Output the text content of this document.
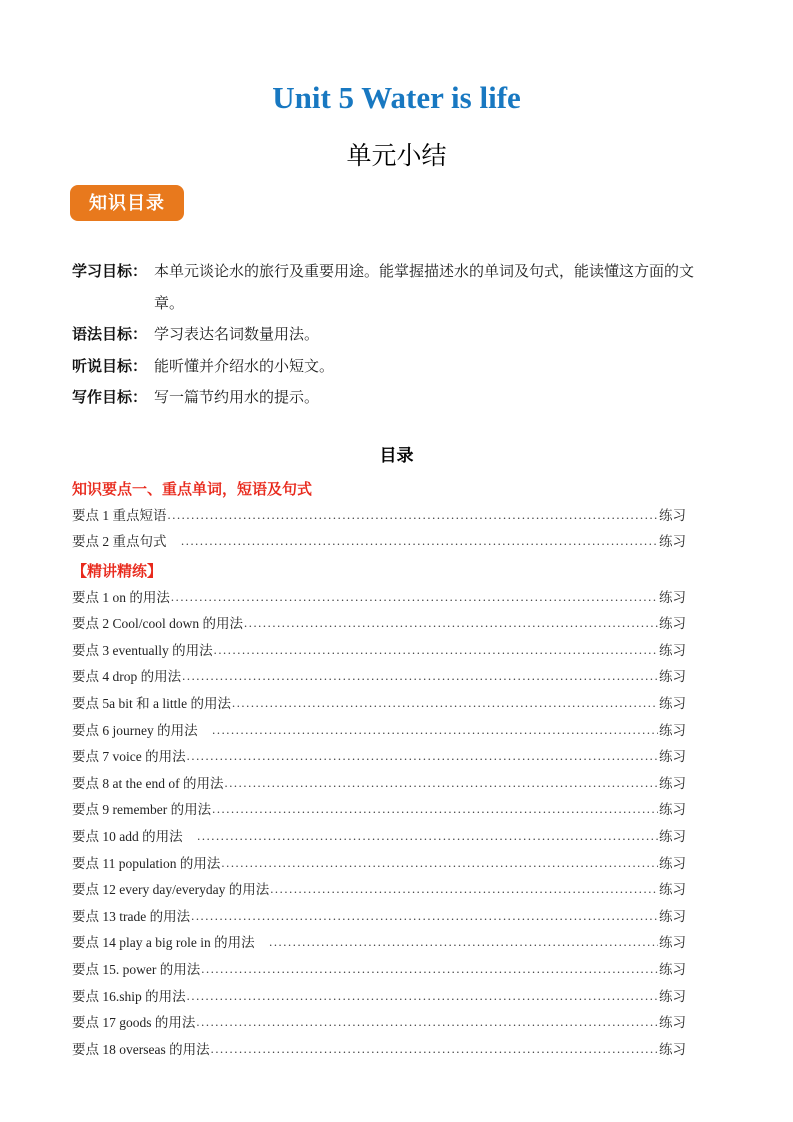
Unit 5 Water is life
单元小结
知识目录

学习目标： 本单元谈论水的旅行及重要用途。能掌握描述水的单词及句式，能读懂这方面的文章。

语法目标： 学习表达名词数量用法。

听说目标： 能听懂并介绍水的小短文。

写作目标： 写一篇节约用水的提示。

目录
知识要点一、重点单词，短语及句式
要点 1 重点短语 .....	练习
要点 2 重点句式　 .....	练习
【精讲精练】
要点 1 on 的用法 .....	练习
要点 2 Cool/cool down 的用法 .....	练习
要点 3 eventually 的用法 .....	练习
要点 4 drop 的用法 .....	练习
要点 5a bit 和 a little 的用法 .....	练习
要点 6 journey 的用法　 .....	练习
要点 7 voice 的用法 .....	练习
要点 8 at the end of 的用法 .....	练习
要点 9 remember 的用法 .....	练习
要点 10 add 的用法　 .....	练习
要点 11 population 的用法 .....	练习
要点 12 every day/everyday 的用法 .....	练习
要点 13 trade 的用法 .....	练习
要点 14 play a big role in 的用法　 .....	练习
要点 15. power 的用法 .....	练习
要点 16.ship 的用法 .....	练习
要点 17 goods 的用法 .....	练习
要点 18 overseas 的用法 .....	练习
